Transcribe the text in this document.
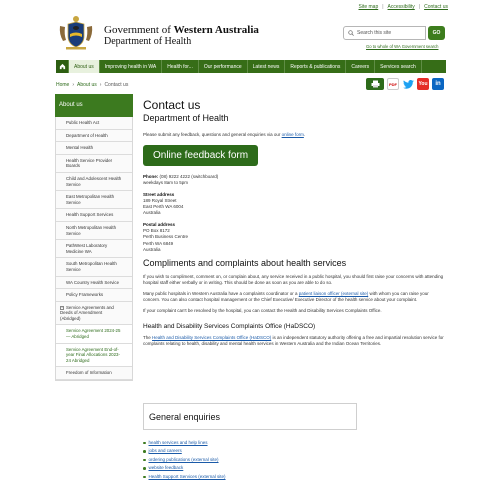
Site map | Accessibility | Contact us
Government of Western Australia
Department of Health
Search this site	GO
Go to whole of WA Government search
About us	Improving health in WA	Health for...	Our performance	Latest news	Reports & publications	Careers	Services search
Home › About us › Contact us	PDF	You	in
About us
Public Health Act
Department of Health
Mental Health
Health Service Provider Boards
Child and Adolescent Health Service
East Metropolitan Health Service
Health Support Services
North Metropolitan Health Service
PathWest Laboratory Medicine WA
South Metropolitan Health Service
WA Country Health Service
Policy Frameworks
− Service Agreements and Deeds of Amendment (Abridged)
Service Agreement 2024-25 — Abridged
Service Agreement End-of-year Final Allocations 2023-24 Abridged
Freedom of Information
Contact us
Department of Health

Please submit any feedback, questions and general enquiries via our online form.

Online feedback form
Phone: (08) 9222 4222 (switchboard)
weekdays 8am to 5pm
Street address
189 Royal Street
East Perth WA 6004
Australia
Postal address
PO Box 8172
Perth Business Centre
Perth WA 6849
Australia
Compliments and complaints about health services

If you wish to compliment, comment on, or complain about, any service received in a public hospital, you should first raise your concerns with attending hospital staff either verbally or in writing. This should be done as soon as you are able to do so.

Many public hospitals in Western Australia have a complaints coordinator or a patient liaison officer (external site) with whom you can raise your concern. You can also contact hospital management or the Chief Executive/ Executive Director of the health service about your complaint.

If your complaint can't be resolved by the hospital, you can contact the Health and Disability Services Complaints Office.

Health and Disability Services Complaints Office (HaDSCO)

The Health and Disability Services Complaints Office (HaDSCO) is an independent statutory authority offering a free and impartial resolution service for complaints relating to health, disability and mental health services in Western Australia and the Indian Ocean Territories.

General enquiries
health services and help lines
jobs and careers
ordering publications (external site)
website feedback
Health Support Services (external site)
